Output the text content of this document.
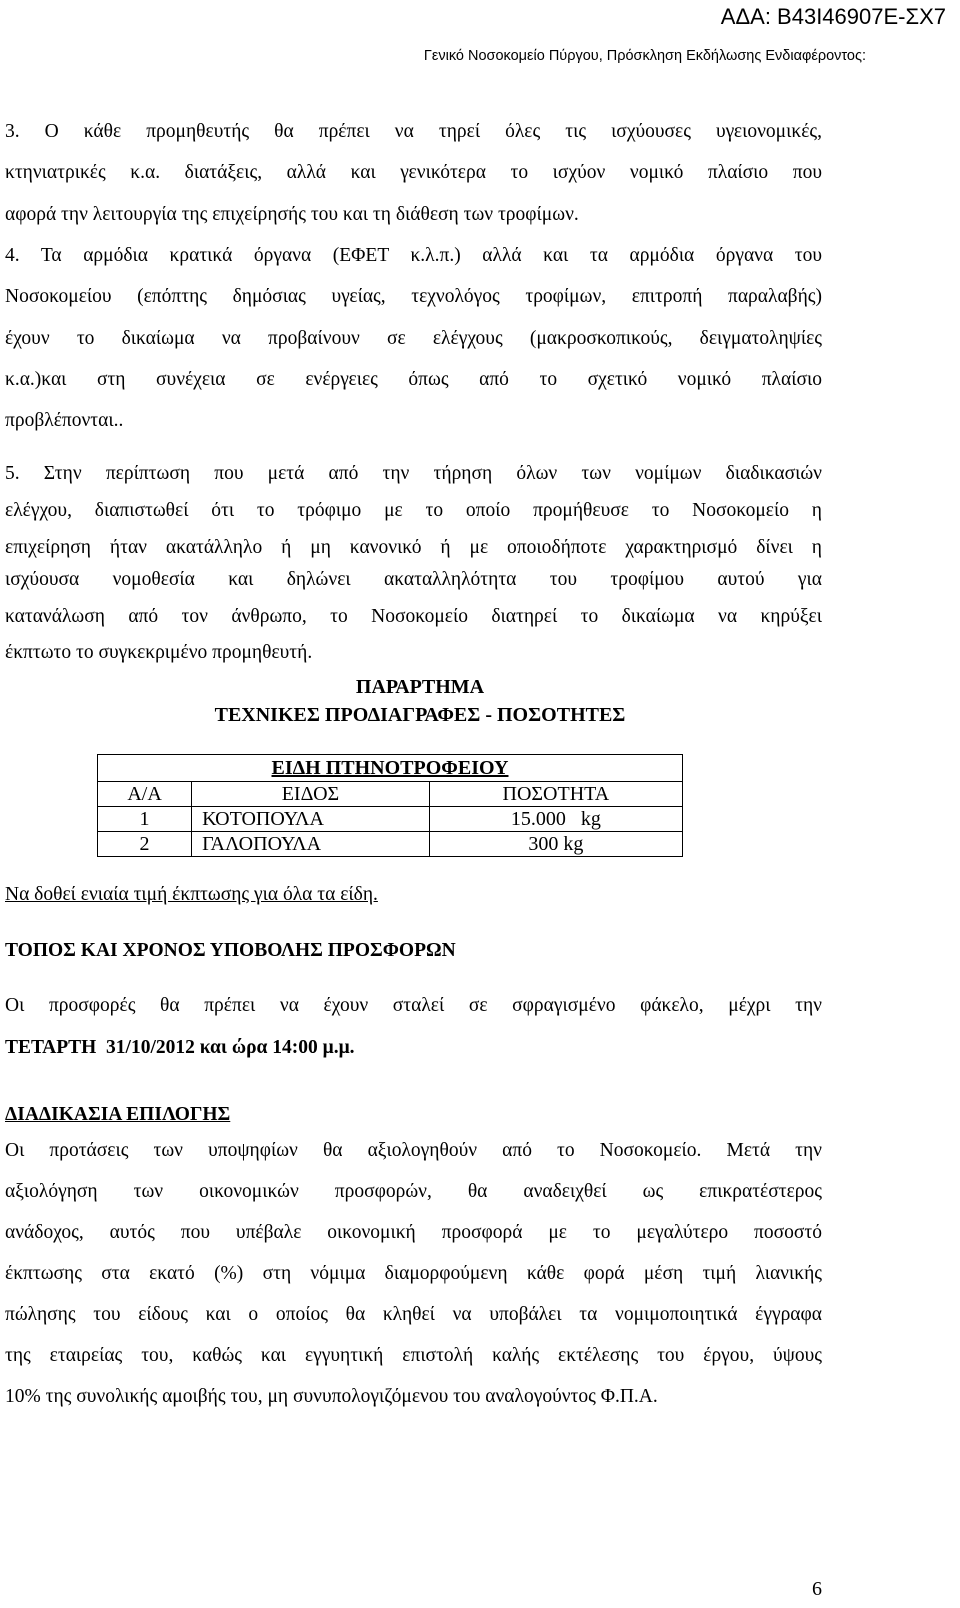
ΑΔΑ: Β43Ι46907Ε-ΣΧ7
Γενικό Νοσοκομείο Πύργου, Πρόσκληση Εκδήλωσης Ενδιαφέροντος:
3. Ο κάθε προμηθευτής θα πρέπει να τηρεί όλες τις ισχύουσες υγειονομικές,
κτηνιατρικές κ.α. διατάξεις, αλλά και γενικότερα το ισχύον νομικό πλαίσιο που
αφορά την λειτουργία της επιχείρησής του και τη διάθεση των τροφίμων.
4. Τα αρμόδια κρατικά όργανα (ΕΦΕΤ κ.λ.π.) αλλά και τα αρμόδια όργανα του
Νοσοκομείου (επόπτης δημόσιας υγείας, τεχνολόγος τροφίμων, επιτροπή παραλαβής)
έχουν το δικαίωμα να προβαίνουν σε ελέγχους (μακροσκοπικούς, δειγματοληψίες
κ.α.)και στη συνέχεια σε ενέργειες όπως από το σχετικό νομικό πλαίσιο
προβλέπονται..
5. Στην περίπτωση που μετά από την τήρηση όλων των νομίμων διαδικασιών
ελέγχου, διαπιστωθεί ότι το τρόφιμο με το οποίο προμήθευσε το Νοσοκομείο η
επιχείρηση ήταν ακατάλληλο ή μη κανονικό ή με οποιοδήποτε χαρακτηρισμό δίνει η
ισχύουσα νομοθεσία και δηλώνει ακαταλληλότητα του τροφίμου αυτού για
κατανάλωση από τον άνθρωπο, το Νοσοκομείο διατηρεί το δικαίωμα να κηρύξει
έκπτωτο το συγκεκριμένο προμηθευτή.
ΠΑΡΑΡΤΗΜΑ
ΤΕΧΝΙΚΕΣ ΠΡΟΔΙΑΓΡΑΦΕΣ - ΠΟΣΟΤΗΤΕΣ
ΕΙΔΗ ΠΤΗΝΟΤΡΟΦΕΙΟΥ		
Α/Α	ΕΙΔΟΣ	ΠΟΣΟΤΗΤΑ
1	ΚΟΤΟΠΟΥΛΑ	15.000   kg
2	ΓΑΛΟΠΟΥΛΑ	300 kg
Να δοθεί ενιαία τιμή έκπτωσης για όλα τα είδη.
ΤΟΠΟΣ ΚΑΙ ΧΡΟΝΟΣ ΥΠΟΒΟΛΗΣ ΠΡΟΣΦΟΡΩΝ
Οι προσφορές θα πρέπει να έχουν σταλεί σε σφραγισμένο φάκελο, μέχρι την
ΤΕΤΑΡΤΗ  31/10/2012 και ώρα 14:00 μ.μ.
ΔΙΑΔΙΚΑΣΙΑ ΕΠΙΛΟΓΗΣ
Οι προτάσεις των υποψηφίων θα αξιολογηθούν από το Νοσοκομείο. Μετά την
αξιολόγηση των οικονομικών προσφορών, θα αναδειχθεί ως επικρατέστερος
ανάδοχος, αυτός που υπέβαλε οικονομική προσφορά με το μεγαλύτερο ποσοστό
έκπτωσης στα εκατό (%) στη νόμιμα διαμορφούμενη κάθε φορά μέση τιμή λιανικής
πώλησης του είδους και ο οποίος θα κληθεί να υποβάλει τα νομιμοποιητικά έγγραφα
της εταιρείας του, καθώς και εγγυητική επιστολή καλής εκτέλεσης του έργου, ύψους
10% της συνολικής αμοιβής του, μη συνυπολογιζόμενου του αναλογούντος Φ.Π.Α.
6
